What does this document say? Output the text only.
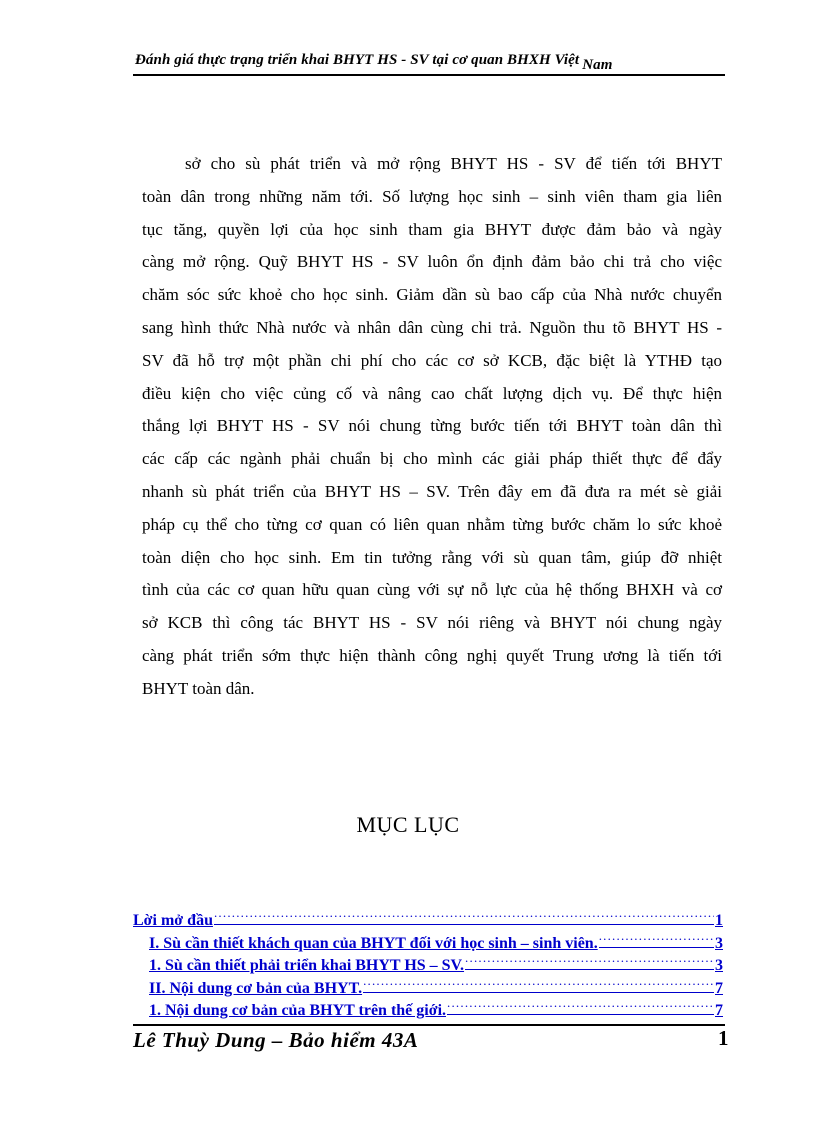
Đánh giá thực trạng triển khai BHYT HS - SV tại cơ quan BHXH Việt Nam
sở cho sù phát triển và mở rộng BHYT HS - SV để tiến tới BHYT
toàn dân trong những năm tới. Số lượng học sinh – sinh viên tham gia liên
tục tăng, quyền lợi của học sinh tham gia BHYT được đảm bảo và ngày
càng mở rộng. Quỹ BHYT HS - SV luôn ổn định đảm bảo chi trả cho việc
chăm sóc sức khoẻ cho học sinh. Giảm dần sù bao cấp của Nhà nước chuyển
sang hình thức Nhà nước và nhân dân cùng chi trả. Nguồn thu tõ BHYT HS -
SV đã hỗ trợ một phần chi phí cho các cơ sở KCB, đặc biệt là YTHĐ tạo
điều kiện cho việc củng cố và nâng cao chất lượng dịch vụ. Để thực hiện
thắng lợi BHYT HS - SV nói chung từng bước tiến tới BHYT toàn dân thì
các cấp các ngành phải chuẩn bị cho mình các giải pháp thiết thực để đẩy
nhanh sù phát triển của BHYT HS – SV. Trên đây em đã đưa ra mét sè giải
pháp cụ thể cho từng cơ quan có liên quan nhằm từng bước chăm lo sức khoẻ
toàn diện cho học sinh. Em tin tưởng rằng với sù quan tâm, giúp đỡ nhiệt
tình của các cơ quan hữu quan cùng với sự nỗ lực của hệ thống BHXH và cơ
sở KCB thì công tác BHYT HS - SV nói riêng và BHYT nói chung ngày
càng phát triển sớm thực hiện thành công nghị quyết Trung ương là tiến tới
BHYT toàn dân.
MỤC LỤC
Lời mở đầu .....	1
I. Sù cần thiết khách quan của BHYT đối với học sinh – sinh viên. .....	3
1. Sù cần thiết phải triển khai BHYT HS – SV. .....	3
II. Nội dung cơ bản của BHYT. .....	7
1. Nội dung cơ bản của BHYT trên thế giới. .....	7
Lê Thuỳ Dung – Bảo hiểm 43A	1
